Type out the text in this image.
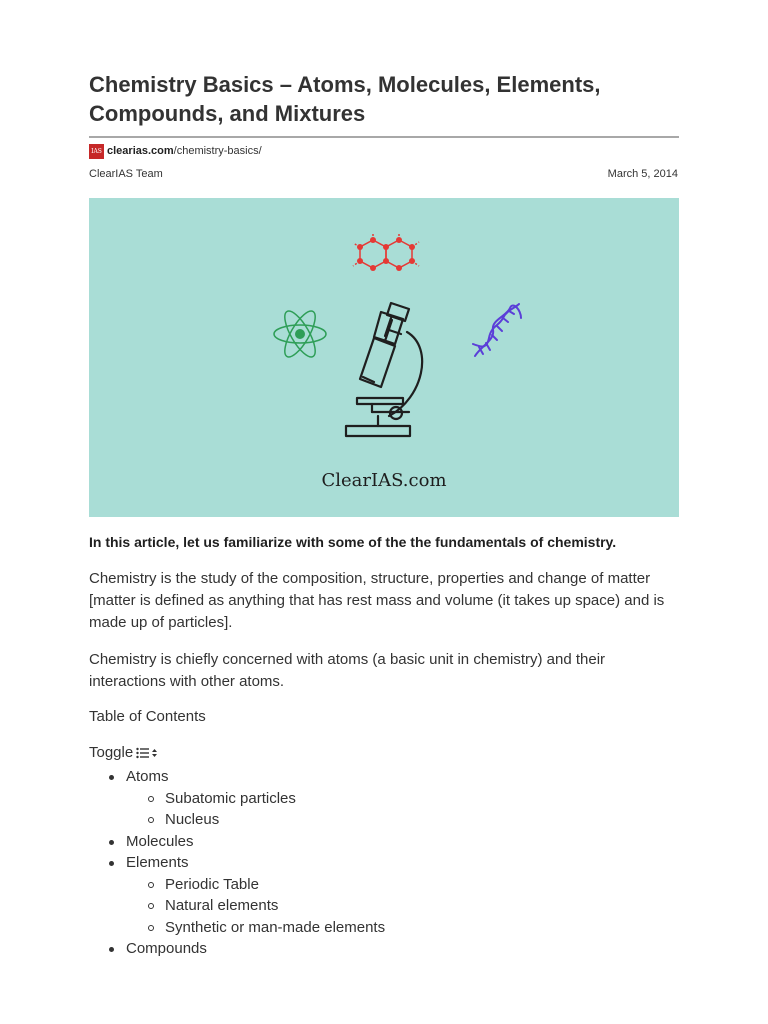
Chemistry Basics – Atoms, Molecules, Elements, Compounds, and Mixtures
IAS clearias.com /chemistry-basics/
ClearIAS Team	March 5, 2014
ClearIAS.com

In this article, let us familiarize with some of the the fundamentals of chemistry.

Chemistry is the study of the composition, structure, properties and change of matter [matter is defined as anything that has rest mass and volume (it takes up space) and is made up of particles].

Chemistry is chiefly concerned with atoms (a basic unit in chemistry) and their interactions with other atoms.

Table of Contents
Toggle
Atoms
Subatomic particles
Nucleus
Molecules
Elements
Periodic Table
Natural elements
Synthetic or man-made elements
Compounds
